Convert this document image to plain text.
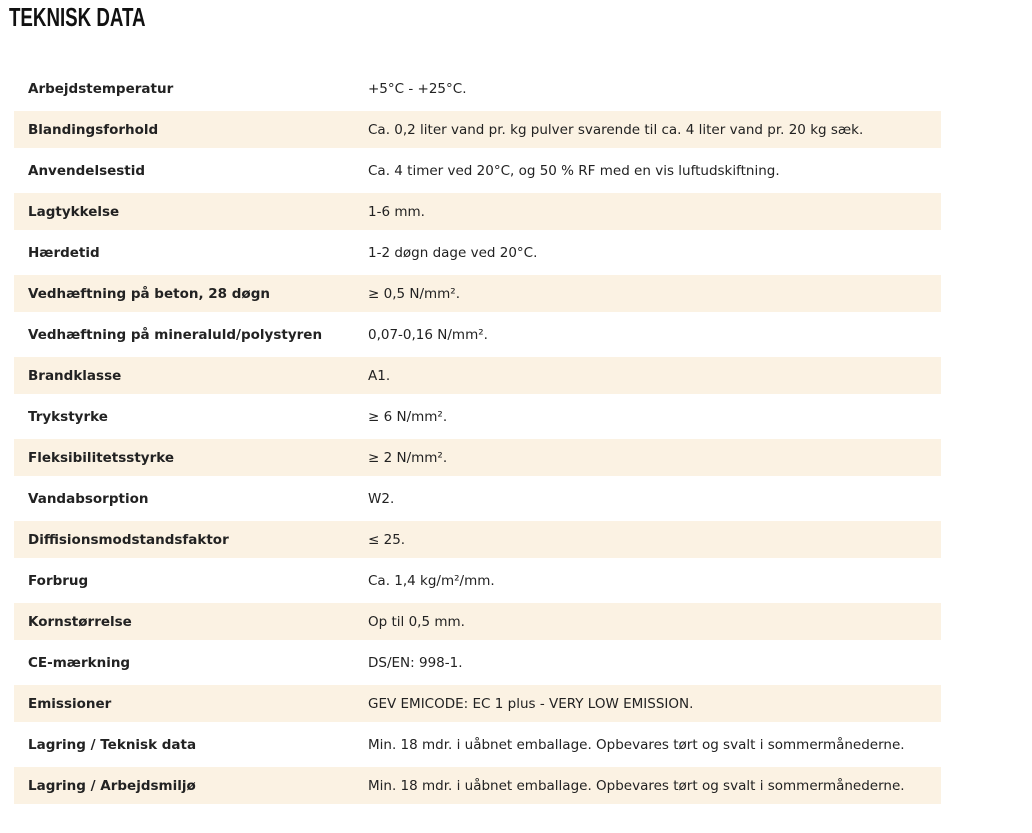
TEKNISK DATA
Arbejdstemperatur	+5°C - +25°C.
Blandingsforhold	Ca. 0,2 liter vand pr. kg pulver svarende til ca. 4 liter vand pr. 20 kg sæk.
Anvendelsestid	Ca. 4 timer ved 20°C, og 50 % RF med en vis luftudskiftning.
Lagtykkelse	1-6 mm.
Hærdetid	1-2 døgn dage ved 20°C.
Vedhæftning på beton, 28 døgn	≥ 0,5 N/mm².
Vedhæftning på mineraluld/polystyren	0,07-0,16 N/mm².
Brandklasse	A1.
Trykstyrke	≥ 6 N/mm².
Fleksibilitetsstyrke	≥ 2 N/mm².
Vandabsorption	W2.
Diffisionsmodstandsfaktor	≤ 25.
Forbrug	Ca. 1,4 kg/m²/mm.
Kornstørrelse	Op til 0,5 mm.
CE-mærkning	DS/EN: 998-1.
Emissioner	GEV EMICODE: EC 1 plus - VERY LOW EMISSION.
Lagring / Teknisk data	Min. 18 mdr. i uåbnet emballage. Opbevares tørt og svalt i sommermånederne.
Lagring / Arbejdsmiljø	Min. 18 mdr. i uåbnet emballage. Opbevares tørt og svalt i sommermånederne.
